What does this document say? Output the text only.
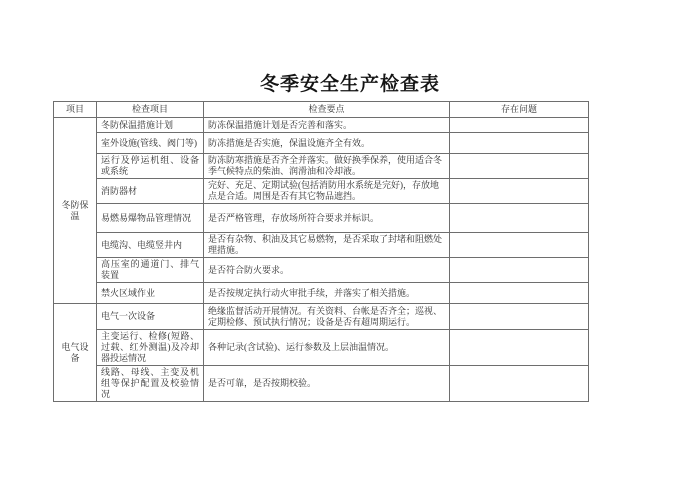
冬季安全生产检查表
项目	检查项目	检查要点	存在问题
冬防保温	冬防保温措施计划	防冻保温措施计划是否完善和落实。	
	室外设施(管线、阀门等)	防冻措施是否实施，保温设施齐全有效。	
	运行及停运机组、设备或系统	防冻防寒措施是否齐全并落实。做好换季保养，使用适合冬季气候特点的柴油、润滑油和冷却液。	
	消防器材	完好、充足、定期试验(包括消防用水系统是完好)，存放地点是合适。周围是否有其它物品遮挡。	
	易燃易爆物品管理情况	是否严格管理，存放场所符合要求并标识。	
	电缆沟、电缆竖井内	是否有杂物、积油及其它易燃物，是否采取了封堵和阻燃处理措施。	
	高压室的通道门、排气装置	是否符合防火要求。	
	禁火区域作业	是否按规定执行动火审批手续，并落实了相关措施。	
电气设备	电气一次设备	绝缘监督活动开展情况。有关资料、台帐是否齐全；巡视、定期检修、预试执行情况；设备是否有超周期运行。	
	主变运行、检修(短路、过载、红外测温)及冷却器投运情况	各种记录(含试验)、运行参数及上层油温情况。	
	线路、母线、主变及机组等保护配置及校验情况	是否可靠，是否按期校验。	
